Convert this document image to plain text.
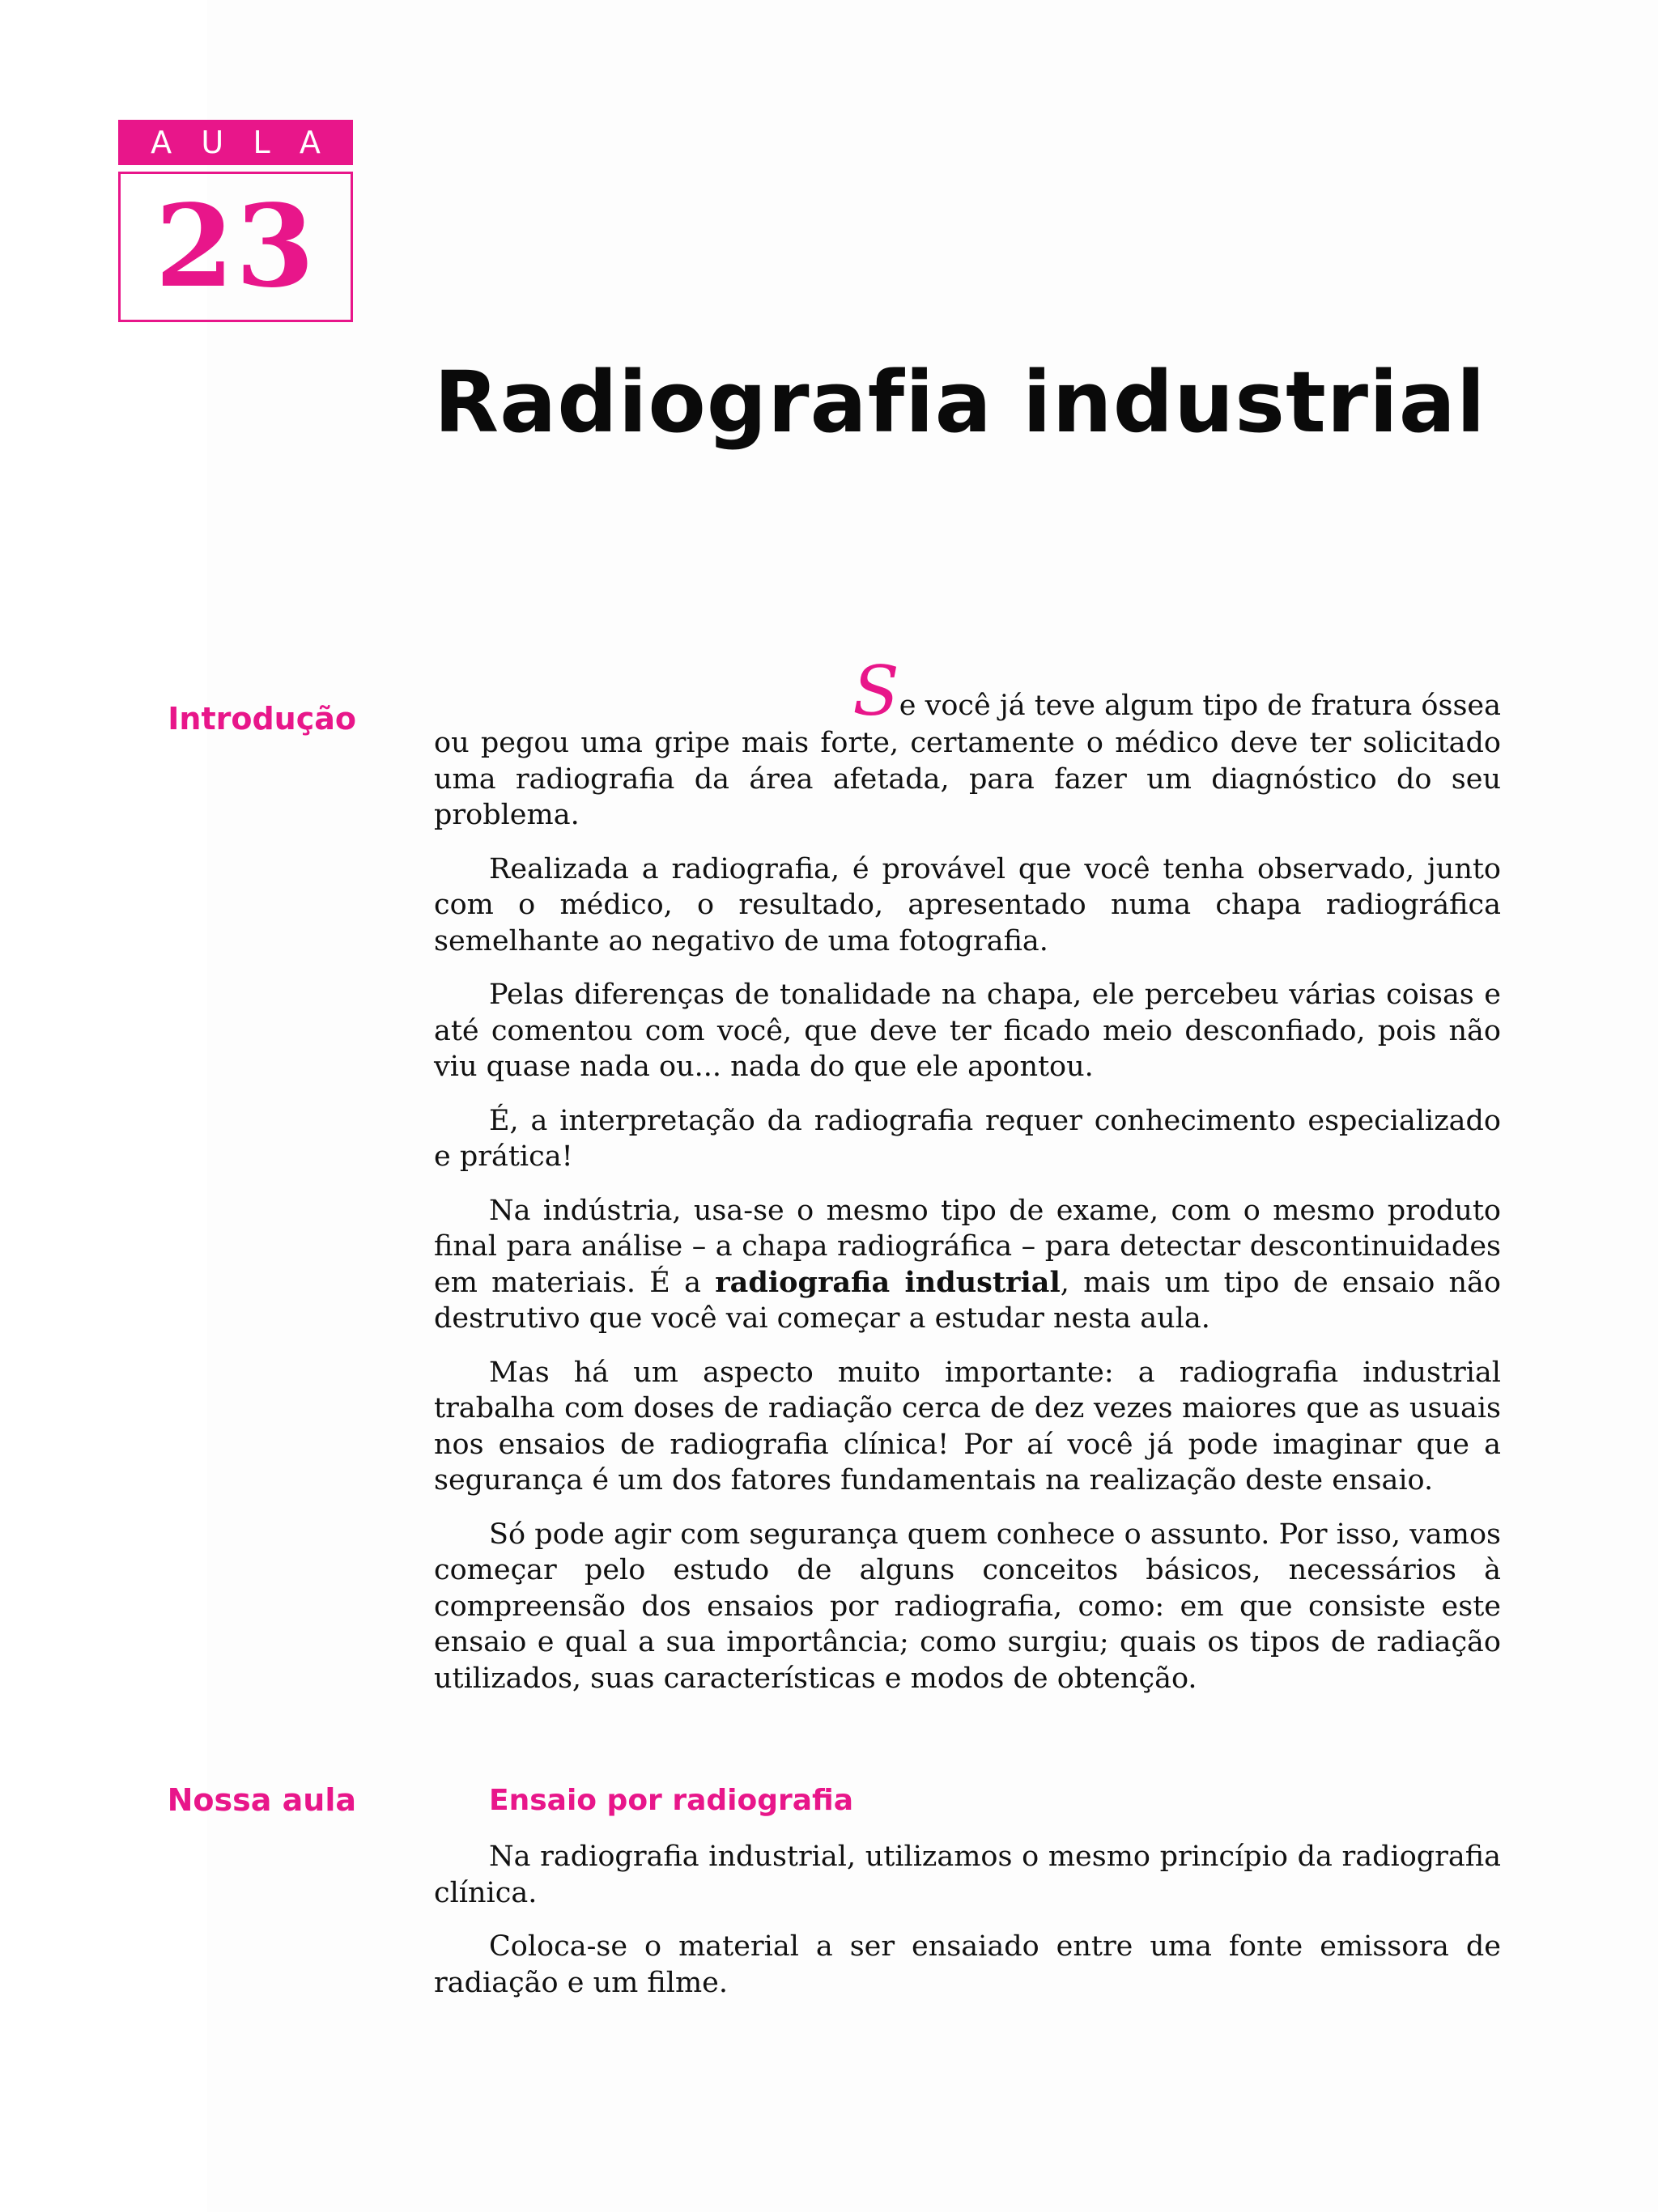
A U L A
23
Radiografia industrial
Introdução	Se você já teve algum tipo de fratura óssea
ou pegou uma gripe mais forte, certamente o médico deve ter solicitado uma radiografia da área afetada, para fazer um diagnóstico do seu problema.

Realizada a radiografia, é provável que você tenha observado, junto com o médico, o resultado, apresentado numa chapa radiográfica semelhante ao negativo de uma fotografia.

Pelas diferenças de tonalidade na chapa, ele percebeu várias coisas e até comentou com você, que deve ter ficado meio desconfiado, pois não viu quase nada ou... nada do que ele apontou.

É, a interpretação da radiografia requer conhecimento especializado e prática!

Na indústria, usa-se o mesmo tipo de exame, com o mesmo produto final para análise – a chapa radiográfica – para detectar descontinuidades em materiais. É a radiografia industrial, mais um tipo de ensaio não destrutivo que você vai começar a estudar nesta aula.

Mas há um aspecto muito importante: a radiografia industrial trabalha com doses de radiação cerca de dez vezes maiores que as usuais nos ensaios de radiografia clínica! Por aí você já pode imaginar que a segurança é um dos fatores fundamentais na realização deste ensaio.

Só pode agir com segurança quem conhece o assunto. Por isso, vamos começar pelo estudo de alguns conceitos básicos, necessários à compreensão dos ensaios por radiografia, como: em que consiste este ensaio e qual a sua importância; como surgiu; quais os tipos de radiação utilizados, suas características e modos de obtenção.

Nossa aula	Ensaio por radiografia

Na radiografia industrial, utilizamos o mesmo princípio da radiografia clínica.

Coloca-se o material a ser ensaiado entre uma fonte emissora de radiação e um filme.
